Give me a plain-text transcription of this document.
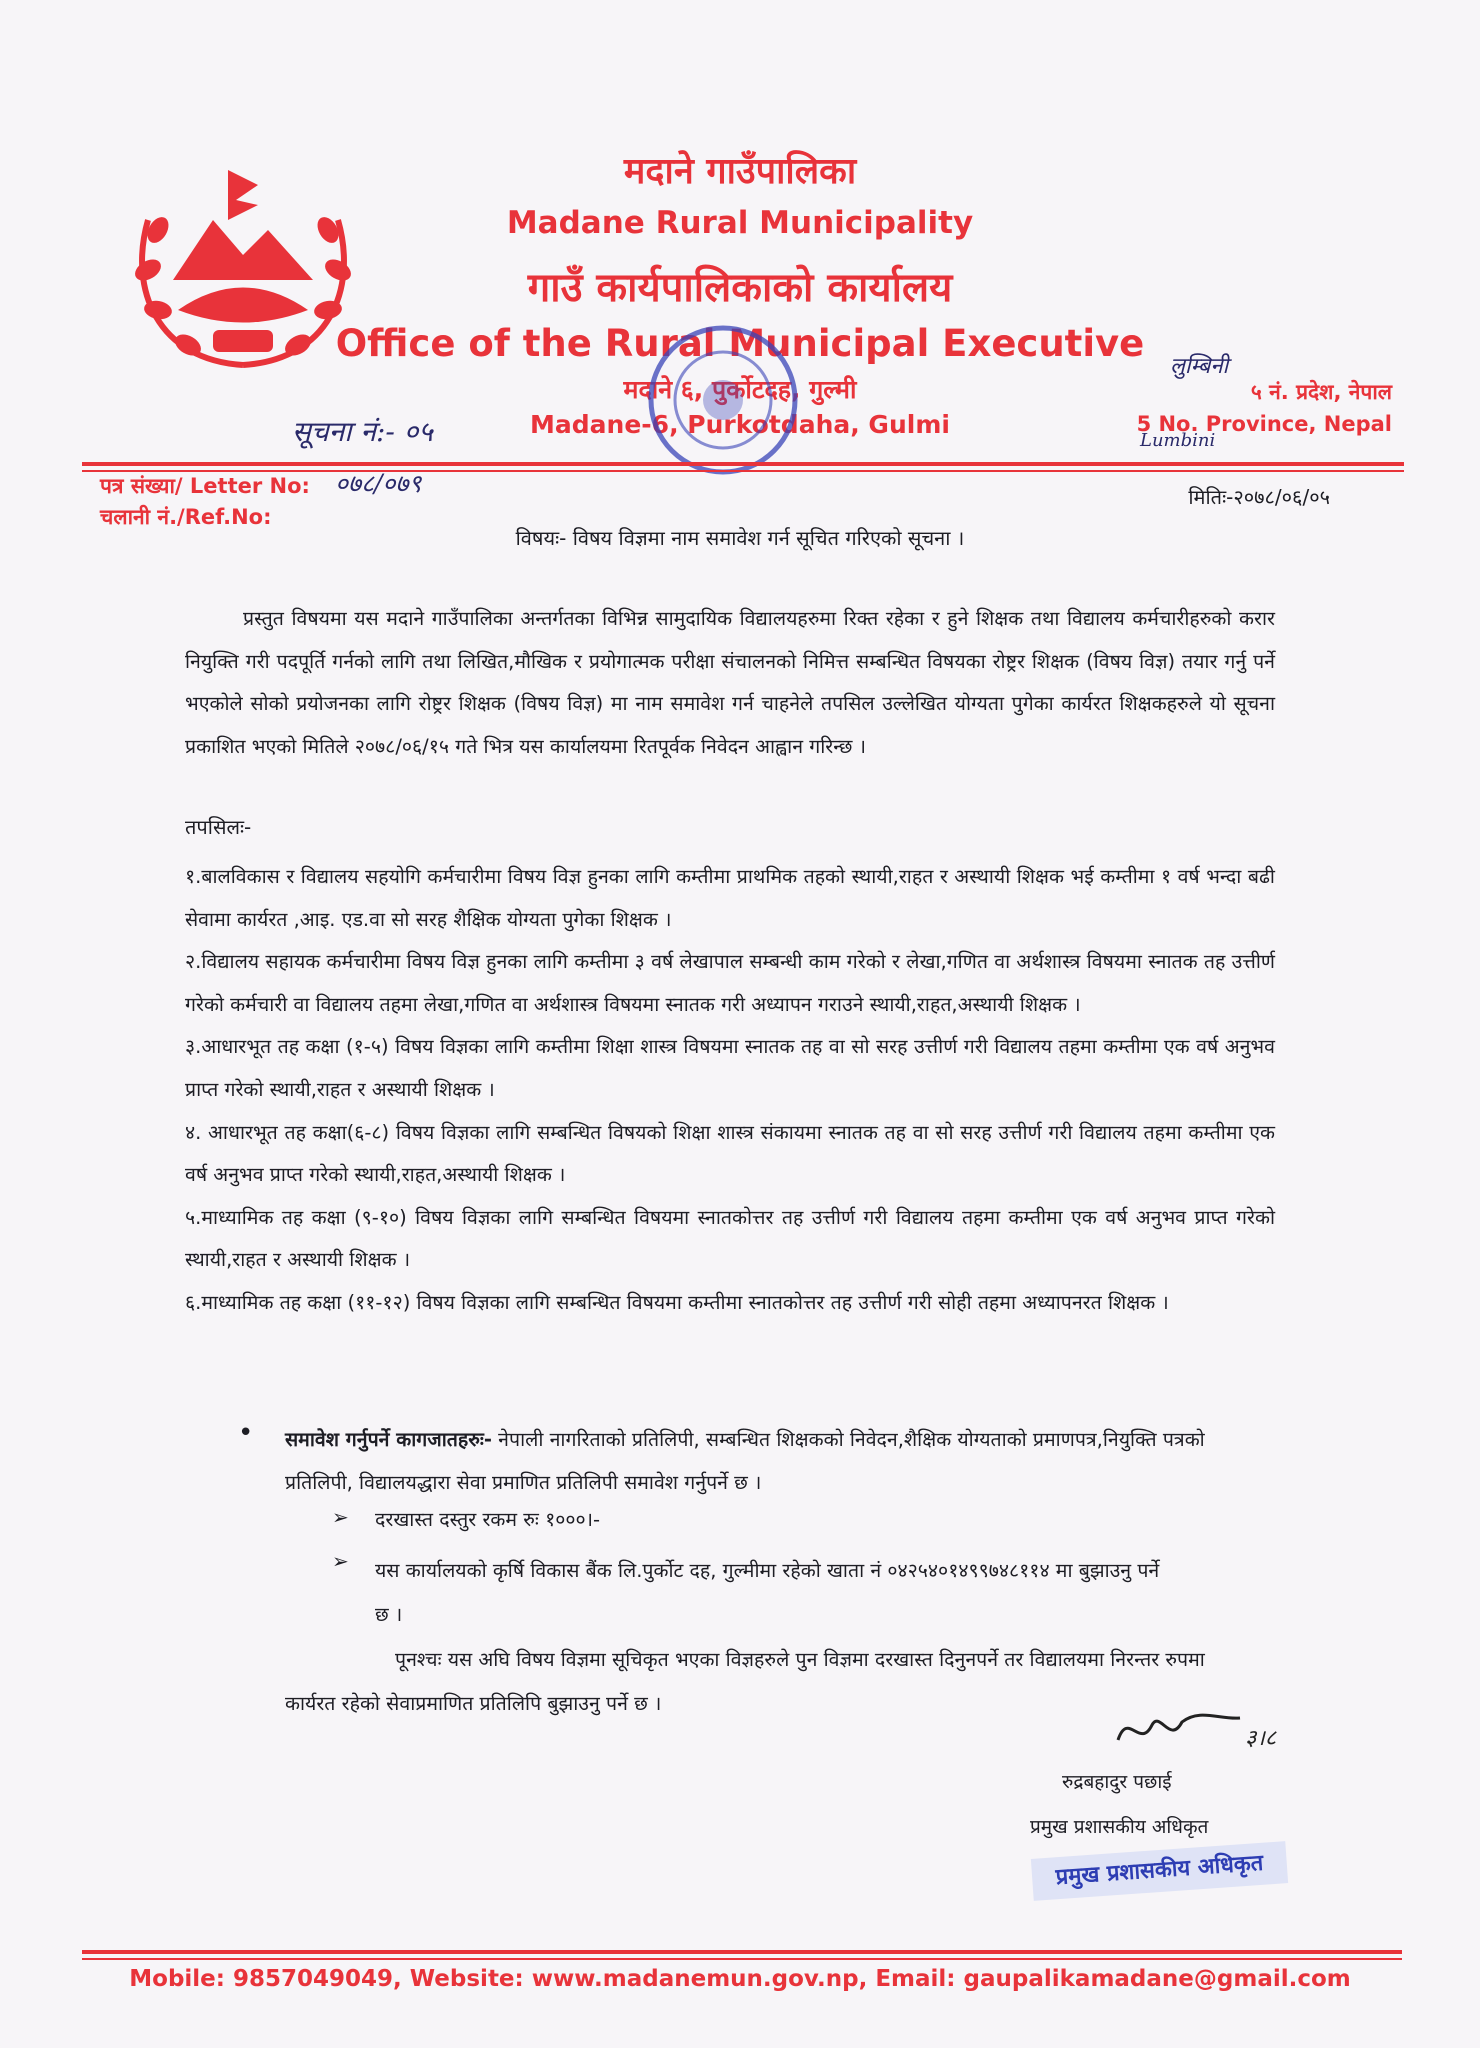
मदाने गाउँपालिका
Madane Rural Municipality
गाउँ कार्यपालिकाको कार्यालय
Office of the Rural Municipal Executive
मदाने ६, पुर्कोटदह, गुल्मी
Madane-6, Purkotdaha, Gulmi
लुम्बिनी
५ नं. प्रदेश, नेपाल
5 No. Province, Nepal
Lumbini
सूचना नं:- ०५
पत्र संख्या/ Letter No: ०७८/०७९
चलानी नं./Ref.No:
मितिः-२०७८/०६/०५
विषयः- विषय विज्ञमा नाम समावेश गर्न सूचित गरिएको सूचना ।
प्रस्तुत विषयमा यस मदाने गाउँपालिका अन्तर्गतका विभिन्न सामुदायिक विद्यालयहरुमा रिक्त रहेका र हुने शिक्षक तथा विद्यालय कर्मचारीहरुको करार नियुक्ति गरी पदपूर्ति गर्नको लागि तथा लिखित,मौखिक र प्रयोगात्मक परीक्षा संचालनको निमित्त सम्बन्धित विषयका रोष्ट्रर शिक्षक (विषय विज्ञ) तयार गर्नु पर्ने भएकोले सोको प्रयोजनका लागि रोष्ट्रर शिक्षक (विषय विज्ञ) मा नाम समावेश गर्न चाहनेले तपसिल उल्लेखित योग्यता पुगेका कार्यरत शिक्षकहरुले यो सूचना प्रकाशित भएको मितिले २०७८/०६/१५ गते भित्र यस कार्यालयमा रितपूर्वक निवेदन आह्वान गरिन्छ ।
तपसिलः-

१.बालविकास र विद्यालय सहयोगि कर्मचारीमा विषय विज्ञ हुनका लागि कम्तीमा प्राथमिक तहको स्थायी,राहत र अस्थायी शिक्षक भई कम्तीमा १ वर्ष भन्दा बढी सेवामा कार्यरत ,आइ. एड.वा सो सरह शैक्षिक योग्यता पुगेका शिक्षक ।

२.विद्यालय सहायक कर्मचारीमा विषय विज्ञ हुनका लागि कम्तीमा ३ वर्ष लेखापाल सम्बन्धी काम गरेको र लेखा,गणित वा अर्थशास्त्र विषयमा स्नातक तह उत्तीर्ण गरेको कर्मचारी वा विद्यालय तहमा लेखा,गणित वा अर्थशास्त्र विषयमा स्नातक गरी अध्यापन गराउने स्थायी,राहत,अस्थायी शिक्षक ।

३.आधारभूत तह कक्षा (१-५) विषय विज्ञका लागि कम्तीमा शिक्षा शास्त्र विषयमा स्नातक तह वा सो सरह उत्तीर्ण गरी विद्यालय तहमा कम्तीमा एक वर्ष अनुभव प्राप्त गरेको स्थायी,राहत र अस्थायी शिक्षक ।

४. आधारभूत तह कक्षा(६-८) विषय विज्ञका लागि सम्बन्धित विषयको शिक्षा शास्त्र संकायमा स्नातक तह वा सो सरह उत्तीर्ण गरी विद्यालय तहमा कम्तीमा एक वर्ष अनुभव प्राप्त गरेको स्थायी,राहत,अस्थायी शिक्षक ।

५.माध्यामिक तह कक्षा (९-१०) विषय विज्ञका लागि सम्बन्धित विषयमा स्नातकोत्तर तह उत्तीर्ण गरी विद्यालय तहमा कम्तीमा एक वर्ष अनुभव प्राप्त गरेको स्थायी,राहत र अस्थायी शिक्षक ।

६.माध्यामिक तह कक्षा (११-१२) विषय विज्ञका लागि सम्बन्धित विषयमा कम्तीमा स्नातकोत्तर तह उत्तीर्ण गरी सोही तहमा अध्यापनरत शिक्षक ।

• समावेश गर्नुपर्ने कागजातहरुः- नेपाली नागरिताको प्रतिलिपी, सम्बन्धित शिक्षकको निवेदन,शैक्षिक योग्यताको प्रमाणपत्र,नियुक्ति पत्रको प्रतिलिपी, विद्यालयद्धारा सेवा प्रमाणित प्रतिलिपी समावेश गर्नुपर्ने छ ।
➢ दरखास्त दस्तुर रकम रुः १०००।-
➢ यस कार्यालयको कृर्षि विकास बैंक लि.पुर्कोट दह, गुल्मीमा रहेको खाता नं ०४२५४०१४९९७४८११४ मा बुझाउनु पर्ने छ ।
पूनश्चः यस अघि विषय विज्ञमा सूचिकृत भएका विज्ञहरुले पुन विज्ञमा दरखास्त दिनुनपर्ने तर विद्यालयमा निरन्तर रुपमा कार्यरत रहेको सेवाप्रमाणित प्रतिलिपि बुझाउनु पर्ने छ ।
३।८
रुद्रबहादुर पछाई
प्रमुख प्रशासकीय अधिकृत
प्रमुख प्रशासकीय अधिकृत
Mobile: 9857049049, Website: www.madanemun.gov.np, Email: gaupalikamadane@gmail.com
